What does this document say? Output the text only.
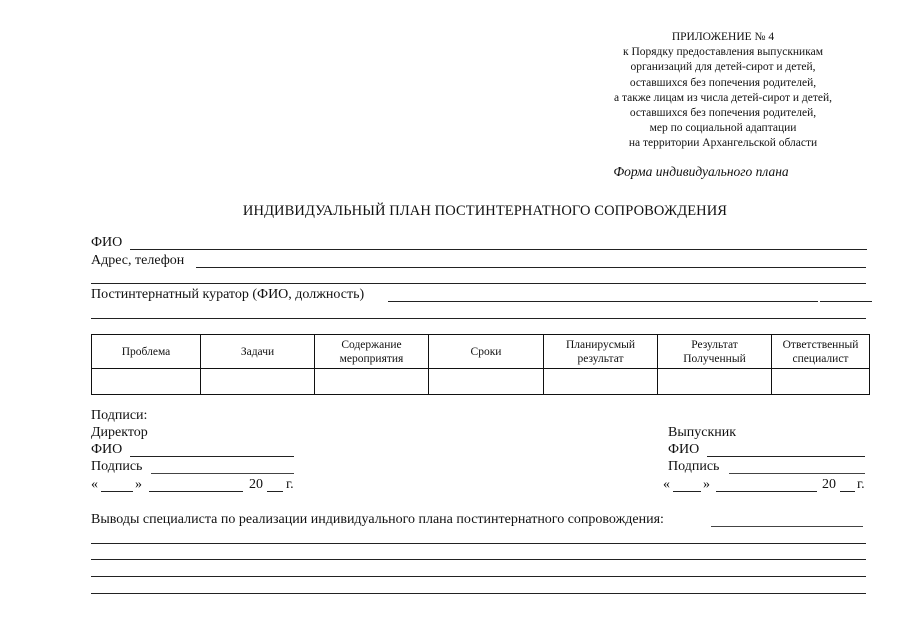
ПРИЛОЖЕНИЕ № 4
к Порядку предоставления выпускникам
организаций для детей-сирот и детей,
оставшихся без попечения родителей,
а также лицам из числа детей-сирот и детей,
оставшихся без попечения родителей,
мер по социальной адаптации
на территории Архангельской области
Форма индивидуального плана
ИНДИВИДУАЛЬНЫЙ ПЛАН ПОСТИНТЕРНАТНОГО СОПРОВОЖДЕНИЯ
ФИО
Адрес, телефон
Постинтернатный куратор (ФИО, должность)
Проблема	Задачи	Содержание мероприятия	Сроки	Планирусмый результат	Результат Полученный	Ответственный специалист

Подписи:
Директор
ФИО
Подпись
«	»	20 г.
Выпускник
ФИО
Подпись
« »	20 г.
Выводы специалиста по реализации индивидуального плана постинтернатного сопровождения:
